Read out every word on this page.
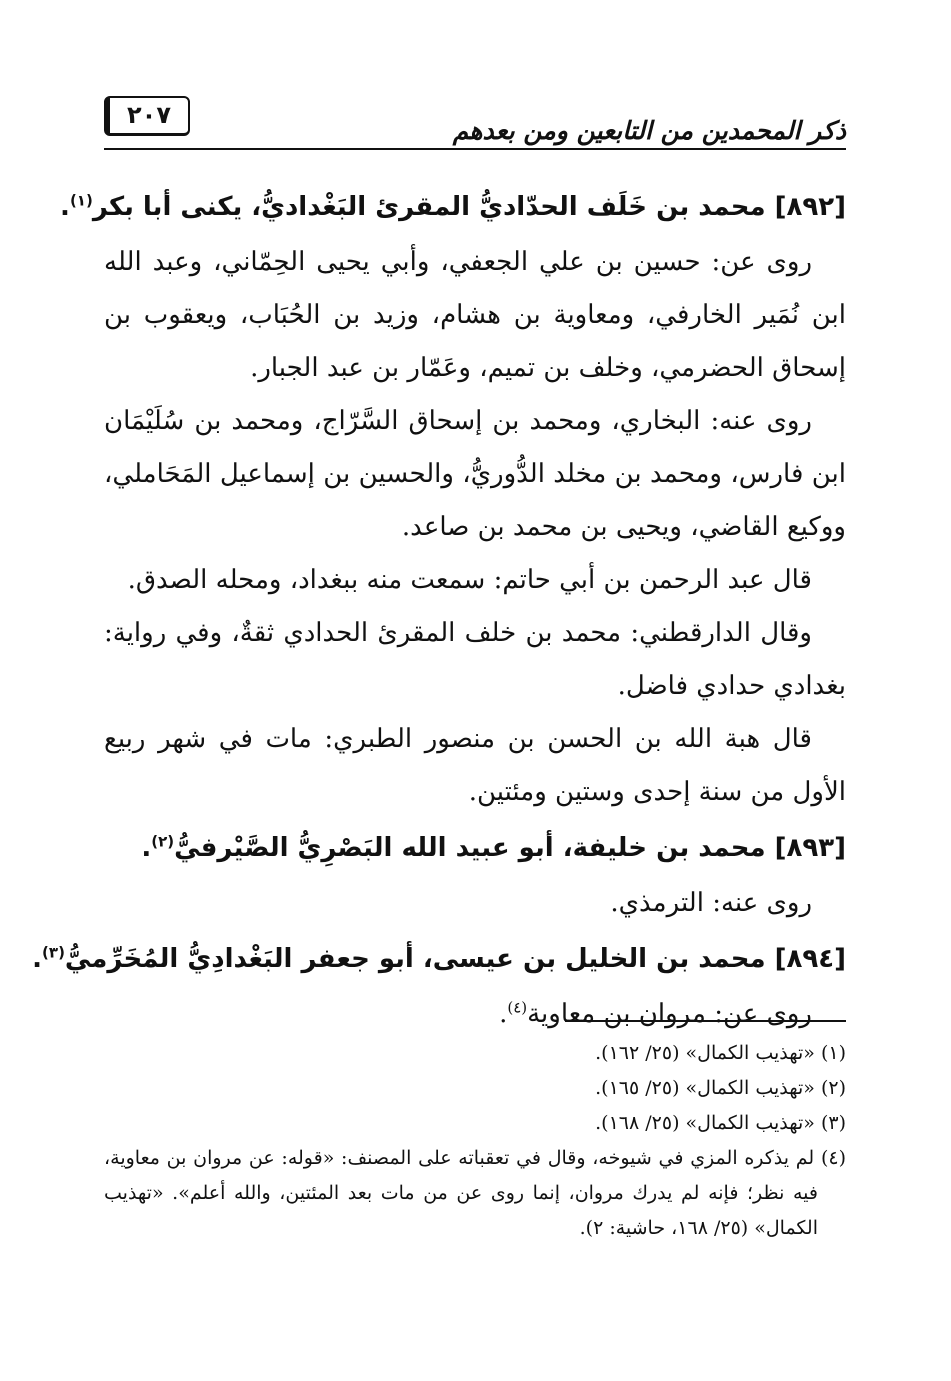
ذكر المحمدين من التابعين ومن بعدهم
٢٠٧

[٨٩٢] محمد بن خَلَف الحدّاديُّ المقرئ البَغْداديُّ، يكنى أبا بكر$^{(١)}$.

روى عن: حسين بن علي الجعفي، وأبي يحيى الحِمّاني، وعبد الله ابن نُمَير الخارفي، ومعاوية بن هشام، وزيد بن الحُبَاب، ويعقوب بن إسحاق الحضرمي، وخلف بن تميم، وعَمّار بن عبد الجبار.

روى عنه: البخاري، ومحمد بن إسحاق السَّرّاج، ومحمد بن سُلَيْمَان ابن فارس، ومحمد بن مخلد الدُّوريُّ، والحسين بن إسماعيل المَحَاملي، ووكيع القاضي، ويحيى بن محمد بن صاعد.

قال عبد الرحمن بن أبي حاتم: سمعت منه ببغداد، ومحله الصدق.

وقال الدارقطني: محمد بن خلف المقرئ الحدادي ثقةٌ، وفي رواية: بغدادي حدادي فاضل.

قال هبة الله بن الحسن بن منصور الطبري: مات في شهر ربيع الأول من سنة إحدى وستين ومئتين.

[٨٩٣] محمد بن خليفة، أبو عبيد الله البَصْرِيُّ الصَّيْرفيُّ$^{(٢)}$.

روى عنه: الترمذي.

[٨٩٤] محمد بن الخليل بن عيسى، أبو جعفر البَغْدادِيُّ المُخَرِّميُّ$^{(٣)}$.

روى عن: مروان بن معاوية$^{(٤)}$.

(١) «تهذيب الكمال» (٢٥/ ١٦٢).

(٢) «تهذيب الكمال» (٢٥/ ١٦٥).

(٣) «تهذيب الكمال» (٢٥/ ١٦٨).

(٤) لم يذكره المزي في شيوخه، وقال في تعقباته على المصنف: «قوله: عن مروان بن معاوية، فيه نظر؛ فإنه لم يدرك مروان، إنما روى عن من مات بعد المئتين، والله أعلم». «تهذيب الكمال» (٢٥/ ١٦٨، حاشية: ٢).
